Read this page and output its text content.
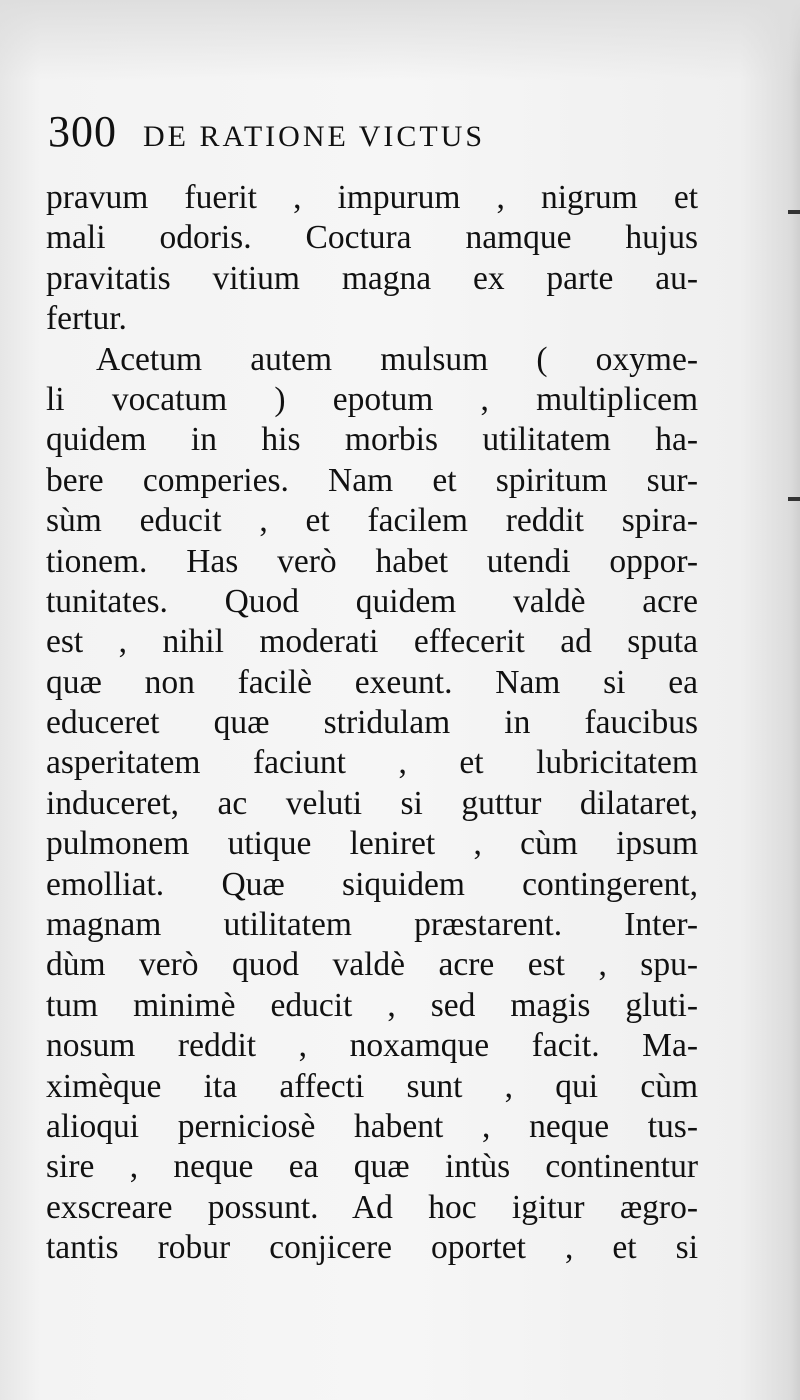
300 DE RATIONE VICTUS
pravum fuerit , impurum , nigrum et
mali odoris. Coctura namque hujus
pravitatis vitium magna ex parte au-
fertur.
Acetum autem mulsum ( oxyme-
li vocatum ) epotum , multiplicem
quidem in his morbis utilitatem ha-
bere comperies. Nam et spiritum sur-
sùm educit , et facilem reddit spira-
tionem. Has verò habet utendi oppor-
tunitates. Quod quidem valdè acre
est , nihil moderati effecerit ad sputa
quæ non facilè exeunt. Nam si ea
educeret quæ stridulam in faucibus
asperitatem faciunt , et lubricitatem
induceret, ac veluti si guttur dilataret,
pulmonem utique leniret , cùm ipsum
emolliat. Quæ siquidem contingerent,
magnam utilitatem præstarent. Inter-
dùm verò quod valdè acre est , spu-
tum minimè educit , sed magis gluti-
nosum reddit , noxamque facit. Ma-
ximèque ita affecti sunt , qui cùm
alioqui perniciosè habent , neque tus-
sire , neque ea quæ intùs continentur
exscreare possunt. Ad hoc igitur ægro-
tantis robur conjicere oportet , et si
